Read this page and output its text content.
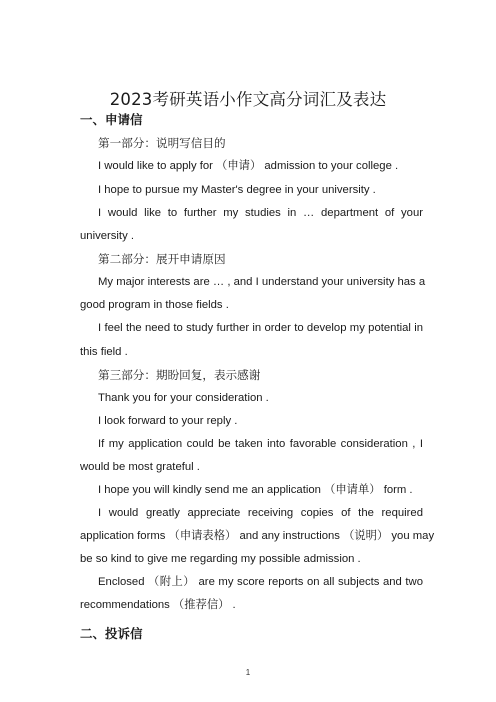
2023考研英语小作文高分词汇及表达
一、申请信
第一部分：说明写信目的
I would like to apply for （申请） admission to your college .
I hope to pursue my Master's degree in your university .
I would like to further my studies in … department of your
university .
第二部分：展开申请原因
My major interests are … , and I understand your university has a
good program in those fields .
I feel the need to study further in order to develop my potential in
this field .
第三部分：期盼回复，表示感谢
Thank you for your consideration .
I look forward to your reply .
If my application could be taken into favorable consideration , I
would be most grateful .
I hope you will kindly send me an application （申请单） form .
I would greatly appreciate receiving copies of the required
application forms （申请表格） and any instructions （说明） you may
be so kind to give me regarding my possible admission .
Enclosed （附上） are my score reports on all subjects and two
recommendations （推荐信） .
二、投诉信
1
